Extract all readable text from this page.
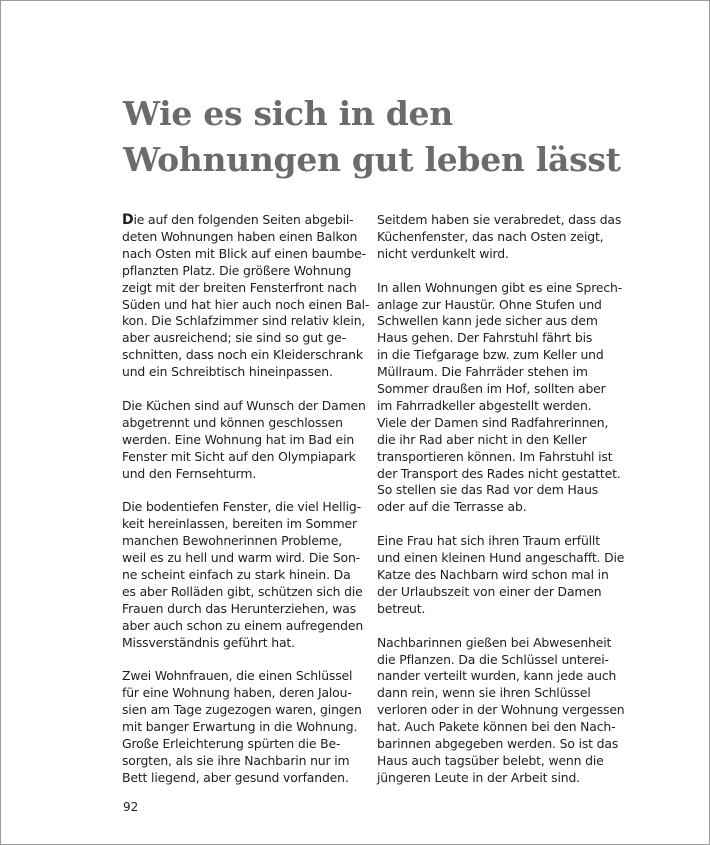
Wie es sich in den
Wohnungen gut leben lässt

Die auf den folgenden Seiten abgebil-
deten Wohnungen haben einen Balkon
nach Osten mit Blick auf einen baumbe-
pflanzten Platz. Die größere Wohnung
zeigt mit der breiten Fensterfront nach
Süden und hat hier auch noch einen Bal-
kon. Die Schlafzimmer sind relativ klein,
aber ausreichend; sie sind so gut ge-
schnitten, dass noch ein Kleiderschrank
und ein Schreibtisch hineinpassen.

Die Küchen sind auf Wunsch der Damen
abgetrennt und können geschlossen
werden. Eine Wohnung hat im Bad ein
Fenster mit Sicht auf den Olympiapark
und den Fernsehturm.

Die bodentiefen Fenster, die viel Hellig-
keit hereinlassen, bereiten im Sommer
manchen Bewohnerinnen Probleme,
weil es zu hell und warm wird. Die Son-
ne scheint einfach zu stark hinein. Da
es aber Rolläden gibt, schützen sich die
Frauen durch das Herunterziehen, was
aber auch schon zu einem aufregenden
Missverständnis geführt hat.

Zwei Wohnfrauen, die einen Schlüssel
für eine Wohnung haben, deren Jalou-
sien am Tage zugezogen waren, gingen
mit banger Erwartung in die Wohnung.
Große Erleichterung spürten die Be-
sorgten, als sie ihre Nachbarin nur im
Bett liegend, aber gesund vorfanden.

Seitdem haben sie verabredet, dass das
Küchenfenster, das nach Osten zeigt,
nicht verdunkelt wird.

In allen Wohnungen gibt es eine Sprech-
anlage zur Haustür. Ohne Stufen und
Schwellen kann jede sicher aus dem
Haus gehen. Der Fahrstuhl fährt bis
in die Tiefgarage bzw. zum Keller und
Müllraum. Die Fahrräder stehen im
Sommer draußen im Hof, sollten aber
im Fahrradkeller abgestellt werden.
Viele der Damen sind Radfahrerinnen,
die ihr Rad aber nicht in den Keller
transportieren können. Im Fahrstuhl ist
der Transport des Rades nicht gestattet.
So stellen sie das Rad vor dem Haus
oder auf die Terrasse ab.

Eine Frau hat sich ihren Traum erfüllt
und einen kleinen Hund angeschafft. Die
Katze des Nachbarn wird schon mal in
der Urlaubszeit von einer der Damen
betreut.

Nachbarinnen gießen bei Abwesenheit
die Pflanzen. Da die Schlüssel unterei-
nander verteilt wurden, kann jede auch
dann rein, wenn sie ihren Schlüssel
verloren oder in der Wohnung vergessen
hat. Auch Pakete können bei den Nach-
barinnen abgegeben werden. So ist das
Haus auch tagsüber belebt, wenn die
jüngeren Leute in der Arbeit sind.

92
